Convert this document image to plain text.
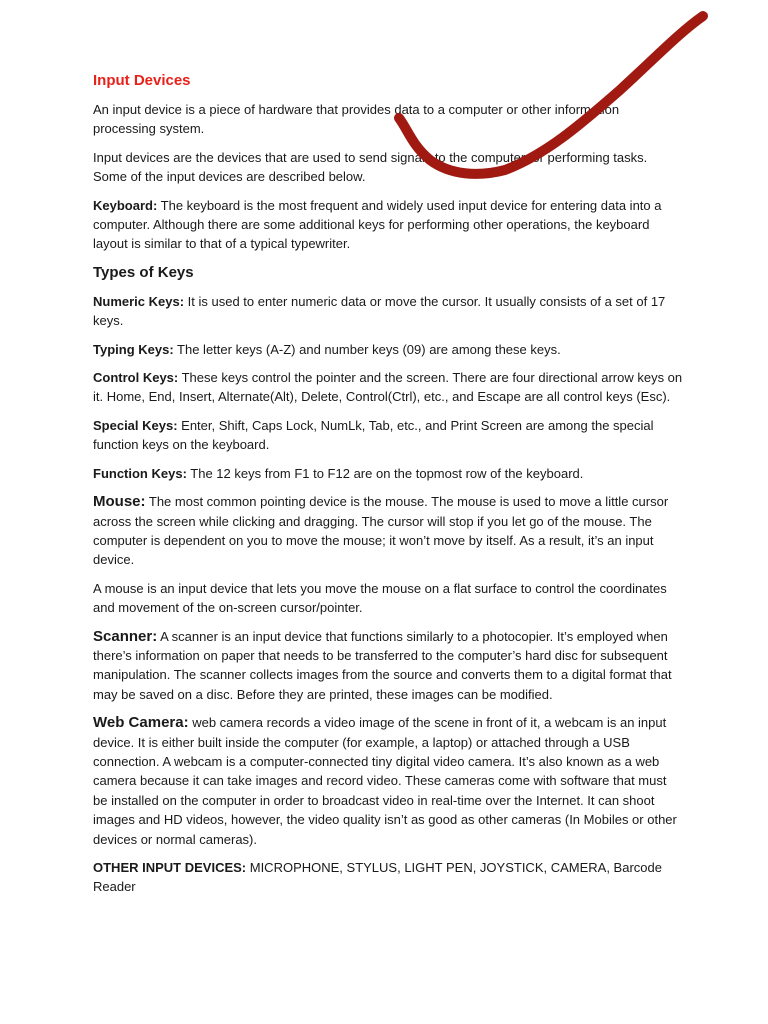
Input Devices

An input device is a piece of hardware that provides data to a computer or other information processing system.

Input devices are the devices that are used to send signals to the computer for performing tasks. Some of the input devices are described below.

Keyboard: The keyboard is the most frequent and widely used input device for entering data into a computer. Although there are some additional keys for performing other operations, the keyboard layout is similar to that of a typical typewriter.

Types of Keys

Numeric Keys: It is used to enter numeric data or move the cursor. It usually consists of a set of 17 keys.

Typing Keys: The letter keys (A-Z) and number keys (09) are among these keys.

Control Keys: These keys control the pointer and the screen. There are four directional arrow keys on it. Home, End, Insert, Alternate(Alt), Delete, Control(Ctrl), etc., and Escape are all control keys (Esc).

Special Keys: Enter, Shift, Caps Lock, NumLk, Tab, etc., and Print Screen are among the special function keys on the keyboard.

Function Keys: The 12 keys from F1 to F12 are on the topmost row of the keyboard.

Mouse: The most common pointing device is the mouse. The mouse is used to move a little cursor across the screen while clicking and dragging. The cursor will stop if you let go of the mouse. The computer is dependent on you to move the mouse; it won’t move by itself. As a result, it’s an input device.

A mouse is an input device that lets you move the mouse on a flat surface to control the coordinates and movement of the on-screen cursor/pointer.

Scanner: A scanner is an input device that functions similarly to a photocopier. It’s employed when there’s information on paper that needs to be transferred to the computer’s hard disc for subsequent manipulation. The scanner collects images from the source and converts them to a digital format that may be saved on a disc. Before they are printed, these images can be modified.

Web Camera: web camera records a video image of the scene in front of it, a webcam is an input device. It is either built inside the computer (for example, a laptop) or attached through a USB connection. A webcam is a computer-connected tiny digital video camera. It’s also known as a web camera because it can take images and record video. These cameras come with software that must be installed on the computer in order to broadcast video in real-time over the Internet. It can shoot images and HD videos, however, the video quality isn’t as good as other cameras (In Mobiles or other devices or normal cameras).

OTHER INPUT DEVICES: MICROPHONE, STYLUS, LIGHT PEN, JOYSTICK, CAMERA, Barcode Reader
